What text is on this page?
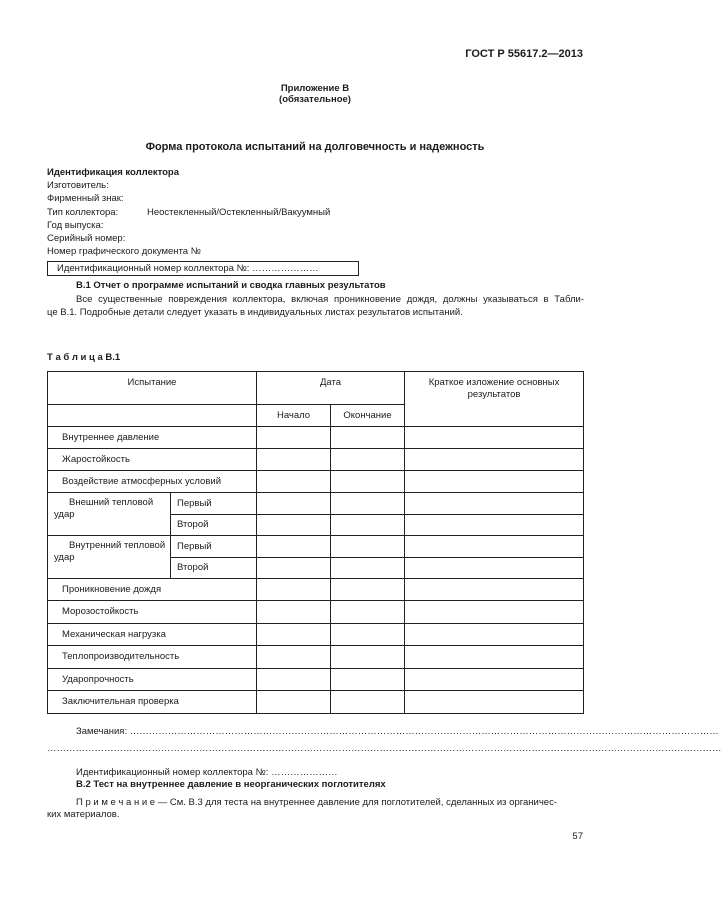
ГОСТ Р 55617.2—2013
Приложение В
(обязательное)
Форма протокола испытаний на долговечность и надежность
Идентификация коллектора
Изготовитель:
Фирменный знак:
Тип коллектора:	Неостекленный/Остекленный/Вакуумный
Год выпуска:
Серийный номер:
Номер графического документа №
Идентификационный номер коллектора №: …………………
В.1 Отчет о программе испытаний и сводка главных результатов
Все существенные повреждения коллектора, включая проникновение дождя, должны указываться в Табли-
це В.1. Подробные детали следует указать в индивидуальных листах результатов испытаний.
Т а б л и ц а В.1
Испытание		Дата		Краткое изложение основных результатов
		Начало	Окончание	
Внутреннее давление				
Жаростойкость				
Воздействие атмосферных условий				
Внешний тепловой удар	Первый			
	Второй			
Внутренний тепловой удар	Первый			
	Второй			
Проникновение дождя				
Морозостойкость				
Механическая нагрузка				
Теплопроизводительность				
Ударопрочность				
Заключительная проверка				
Замечания: ……………………………………………………………………………………………………………………………………………………………………
……………………………………………………………………………………………………………………………………………………………………………………………
Идентификационный номер коллектора №: …………………
В.2 Тест на внутреннее давление в неорганических поглотителях
П р и м е ч а н и е — См. В.3 для теста на внутреннее давление для поглотителей, сделанных из органичес-
ких материалов.
57
